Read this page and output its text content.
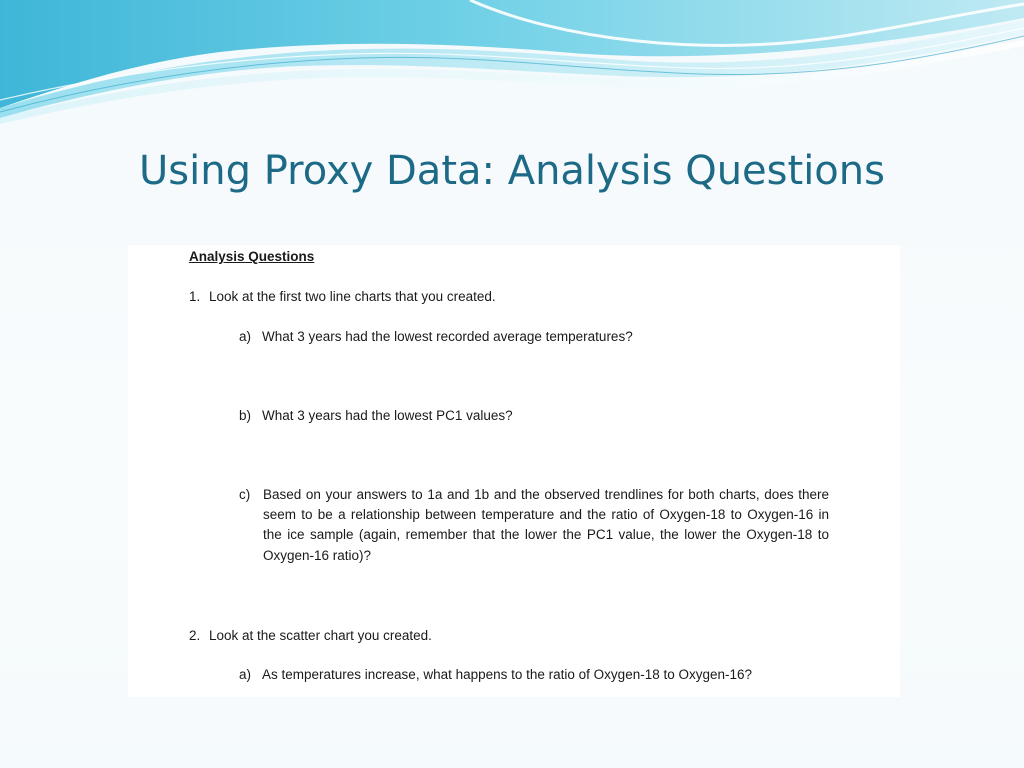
Using Proxy Data: Analysis Questions
Analysis Questions
1. Look at the first two line charts that you created.
a) What 3 years had the lowest recorded average temperatures?
b) What 3 years had the lowest PC1 values?
c) Based on your answers to 1a and 1b and the observed trendlines for both charts, does there seem to be a relationship between temperature and the ratio of Oxygen-18 to Oxygen-16 in the ice sample (again, remember that the lower the PC1 value, the lower the Oxygen-18 to Oxygen-16 ratio)?
2. Look at the scatter chart you created.
a) As temperatures increase, what happens to the ratio of Oxygen-18 to Oxygen-16?
